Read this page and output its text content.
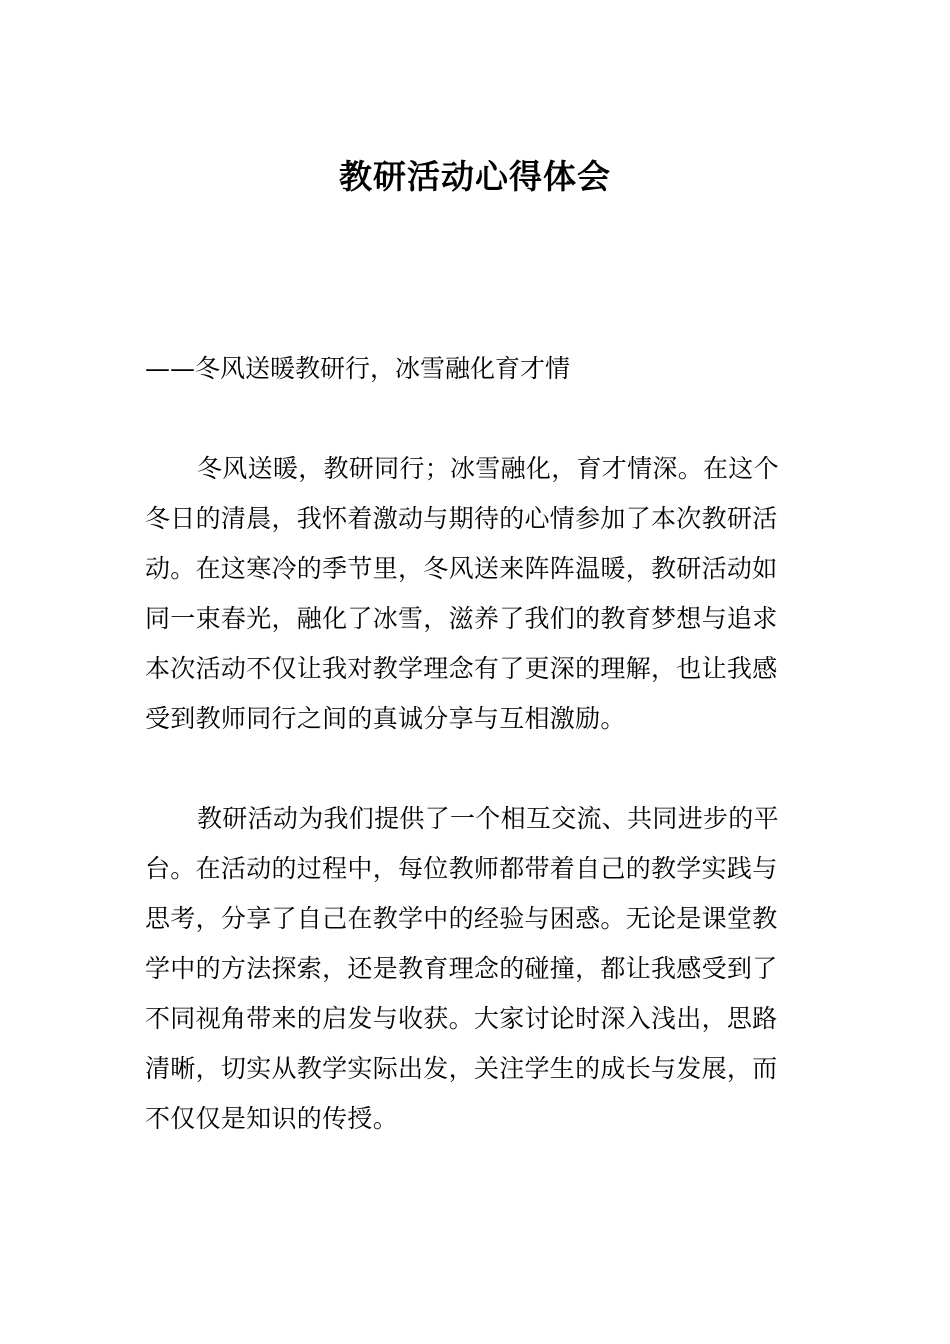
教研活动心得体会

——冬风送暖教研行，冰雪融化育才情

冬风送暖，教研同行；冰雪融化，育才情深。在这个
冬日的清晨，我怀着激动与期待的心情参加了本次教研活
动。在这寒冷的季节里，冬风送来阵阵温暖，教研活动如
同一束春光，融化了冰雪，滋养了我们的教育梦想与追求
本次活动不仅让我对教学理念有了更深的理解，也让我感
受到教师同行之间的真诚分享与互相激励。
教研活动为我们提供了一个相互交流、共同进步的平
台。在活动的过程中，每位教师都带着自己的教学实践与
思考，分享了自己在教学中的经验与困惑。无论是课堂教
学中的方法探索，还是教育理念的碰撞，都让我感受到了
不同视角带来的启发与收获。大家讨论时深入浅出，思路
清晰，切实从教学实际出发，关注学生的成长与发展，而
不仅仅是知识的传授。
